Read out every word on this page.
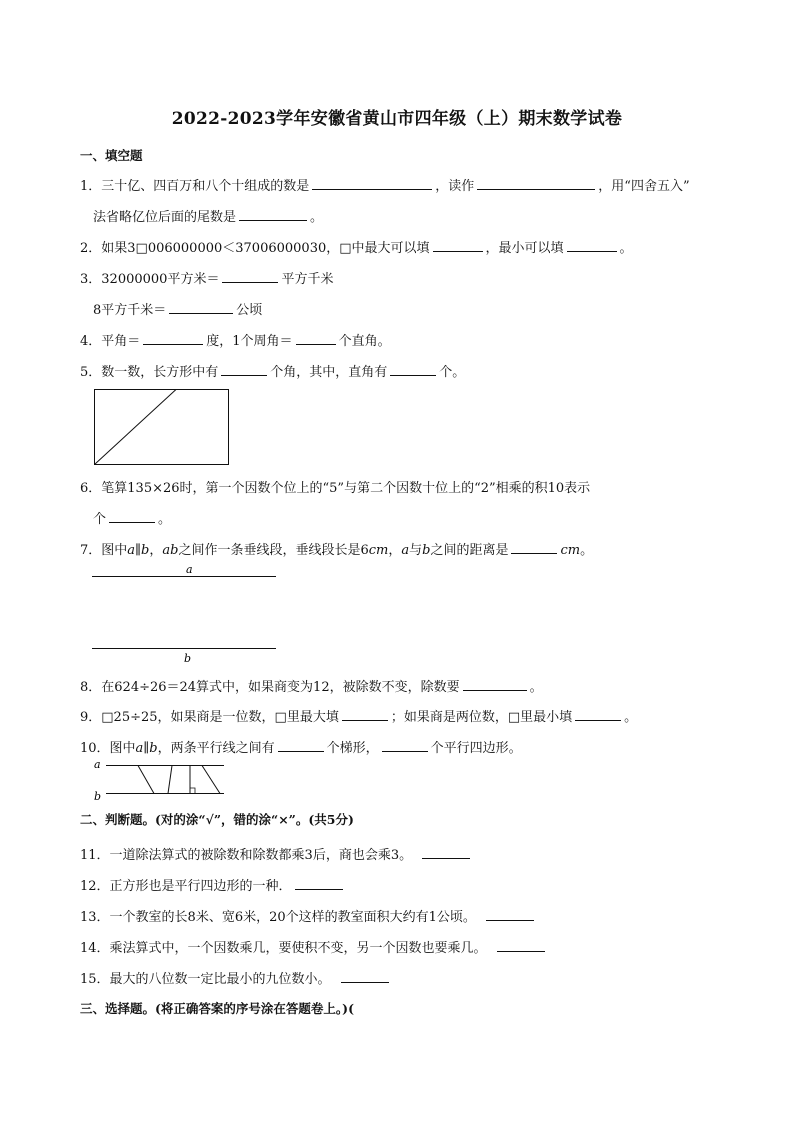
2022-2023学年安徽省黄山市四年级（上）期末数学试卷
一、填空题
1．三十亿、四百万和八个十组成的数是	，读作	，用“四舍五入”
法省略亿位后面的尾数是	。
2．如果3□006000000＜37006000030，□中最大可以填	，最小可以填	。
3．32000000平方米＝	平方千米
8平方千米＝	公顷
4．平角＝	度，1个周角＝	个直角。
5．数一数，长方形中有	个角，其中，直角有	个。
6．笔算135×26时，第一个因数个位上的“5”与第二个因数十位上的“2”相乘的积10表示
个	。
7．图中a∥b，ab之间作一条垂线段，垂线段长是6cm，a与b之间的距离是	cm。
a
b
8．在624÷26＝24算式中，如果商变为12，被除数不变，除数要	。
9．□25÷25，如果商是一位数，□里最大填	；如果商是两位数，□里最小填	。
10．图中a∥b，两条平行线之间有	个梯形，	个平行四边形。
a
b
二、判断题。(对的涂“√”，错的涂“×”。(共5分)
11．一道除法算式的被除数和除数都乘3后，商也会乘3。
12．正方形也是平行四边形的一种．
13．一个教室的长8米、宽6米，20个这样的教室面积大约有1公顷。
14．乘法算式中，一个因数乘几，要使积不变，另一个因数也要乘几。
15．最大的八位数一定比最小的九位数小。
三、选择题。(将正确答案的序号涂在答题卷上。)(
